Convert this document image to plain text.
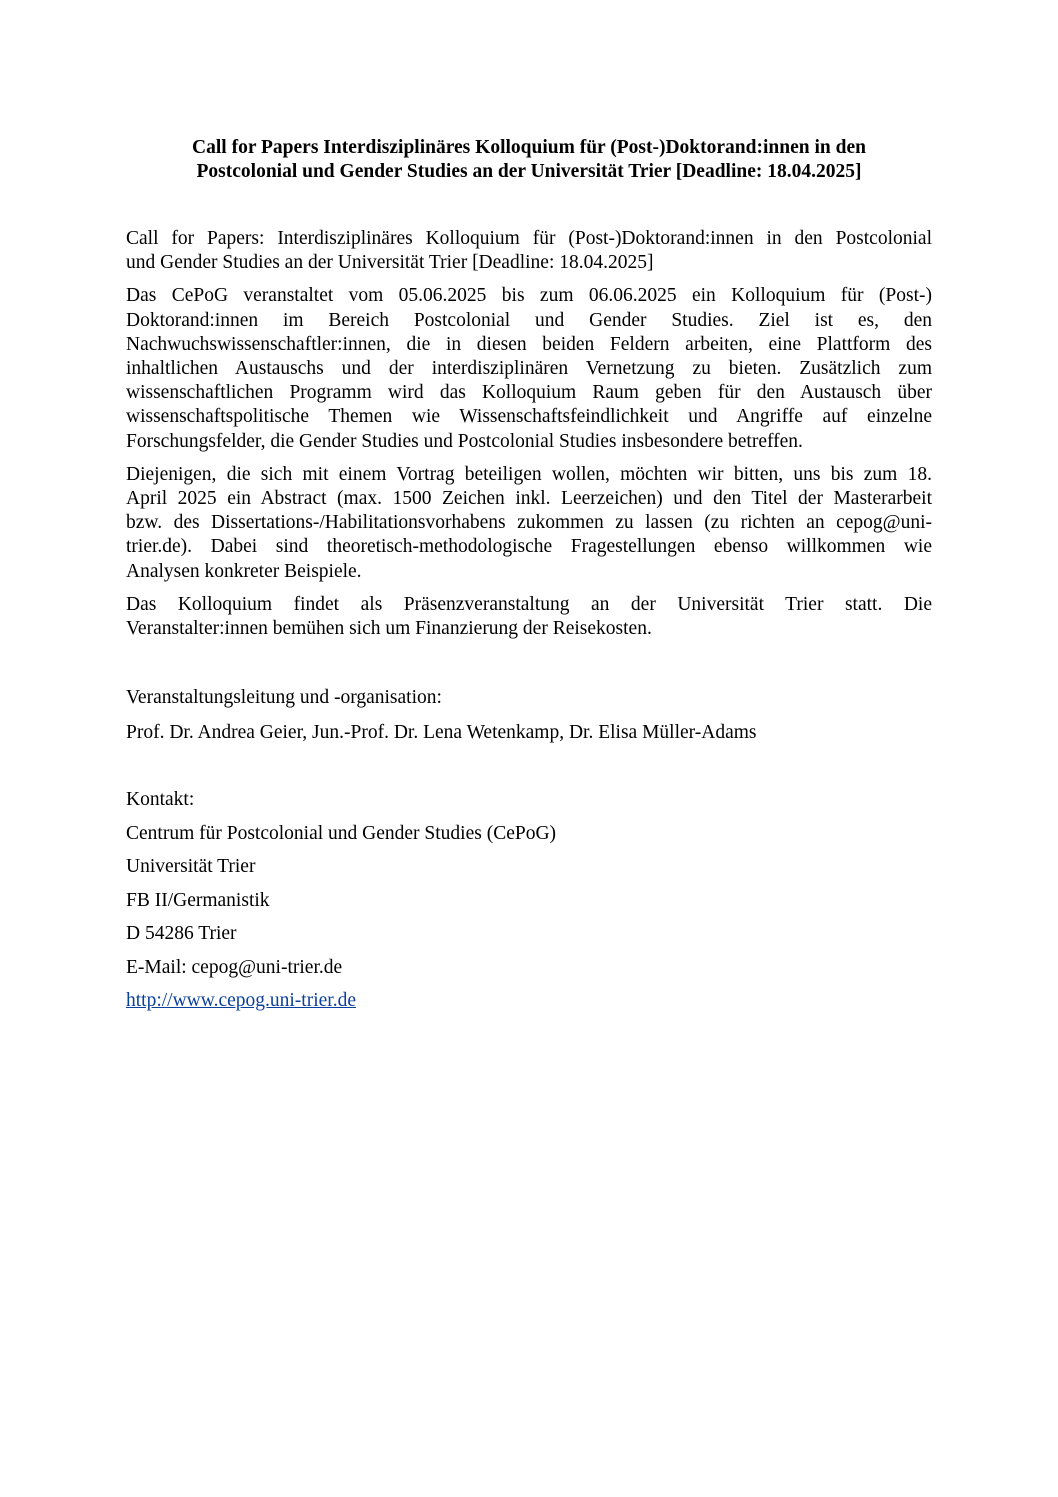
Call for Papers Interdisziplinäres Kolloquium für (Post-)Doktorand:innen in den
Postcolonial und Gender Studies an der Universität Trier [Deadline: 18.04.2025]
Call for Papers: Interdisziplinäres Kolloquium für (Post-)Doktorand:innen in den Postcolonial
und Gender Studies an der Universität Trier [Deadline: 18.04.2025]
Das CePoG veranstaltet vom 05.06.2025 bis zum 06.06.2025 ein Kolloquium für (Post-)
Doktorand:innen im Bereich Postcolonial und Gender Studies. Ziel ist es, den
Nachwuchswissenschaftler:innen, die in diesen beiden Feldern arbeiten, eine Plattform des
inhaltlichen Austauschs und der interdisziplinären Vernetzung zu bieten. Zusätzlich zum
wissenschaftlichen Programm wird das Kolloquium Raum geben für den Austausch über
wissenschaftspolitische Themen wie Wissenschaftsfeindlichkeit und Angriffe auf einzelne
Forschungsfelder, die Gender Studies und Postcolonial Studies insbesondere betreffen.
Diejenigen, die sich mit einem Vortrag beteiligen wollen, möchten wir bitten, uns bis zum 18.
April 2025 ein Abstract (max. 1500 Zeichen inkl. Leerzeichen) und den Titel der Masterarbeit
bzw. des Dissertations-/Habilitationsvorhabens zukommen zu lassen (zu richten an cepog@uni-
trier.de). Dabei sind theoretisch-methodologische Fragestellungen ebenso willkommen wie
Analysen konkreter Beispiele.
Das Kolloquium findet als Präsenzveranstaltung an der Universität Trier statt. Die
Veranstalter:innen bemühen sich um Finanzierung der Reisekosten.
Veranstaltungsleitung und -organisation:
Prof. Dr. Andrea Geier, Jun.-Prof. Dr. Lena Wetenkamp, Dr. Elisa Müller-Adams
Kontakt:
Centrum für Postcolonial und Gender Studies (CePoG)
Universität Trier
FB II/Germanistik
D 54286 Trier
E-Mail: cepog@uni-trier.de
http://www.cepog.uni-trier.de
